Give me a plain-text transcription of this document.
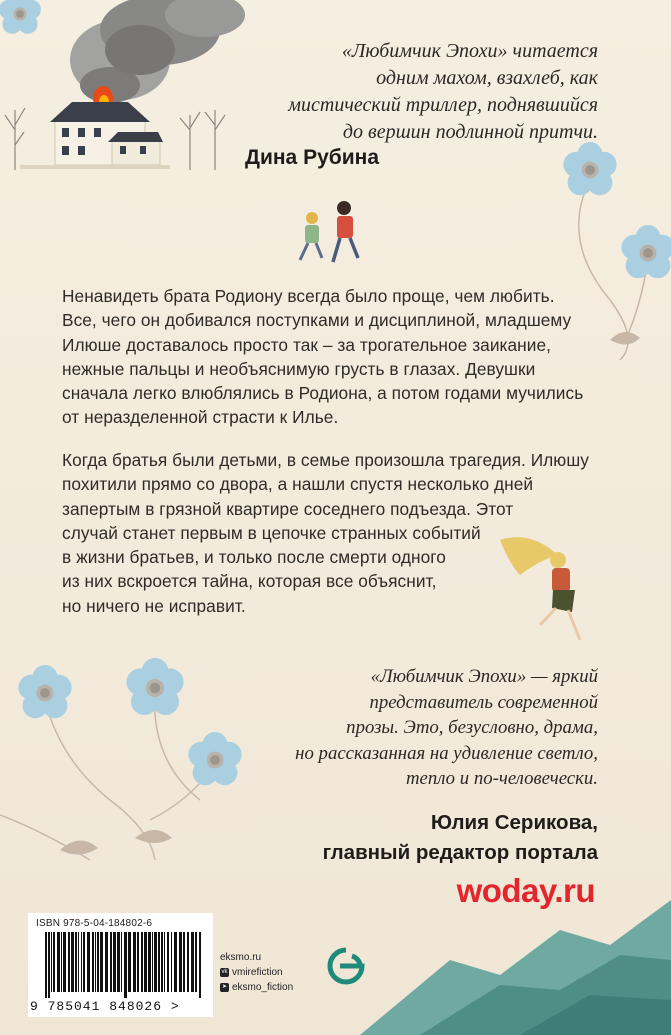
«Любимчик Эпохи» читается
одним махом, взахлеб, как
мистический триллер, поднявшийся
до вершин подлинной притчи.
Дина Рубина
Ненавидеть брата Родиону всегда было проще, чем любить.
Все, чего он добивался поступками и дисциплиной, младшему
Илюше доставалось просто так – за трогательное заикание,
нежные пальцы и необъяснимую грусть в глазах. Девушки
сначала легко влюблялись в Родиона, а потом годами мучились
от неразделенной страсти к Илье.
Когда братья были детьми, в семье произошла трагедия. Илюшу
похитили прямо со двора, а нашли спустя несколько дней
запертым в грязной квартире соседнего подъезда. Этот
случай станет первым в цепочке странных событий
в жизни братьев, и только после смерти одного
из них вскроется тайна, которая все объяснит,
но ничего не исправит.
«Любимчик Эпохи» — яркий
представитель современной
прозы. Это, безусловно, драма,
но рассказанная на удивление светло,
тепло и по-человечески.
Юлия Серикова,
главный редактор портала
woday.ru
ISBN 978-5-04-184802-6
9 785041 848026 >
eksmo.ru
vk vmirefiction
➤ eksmo_fiction
